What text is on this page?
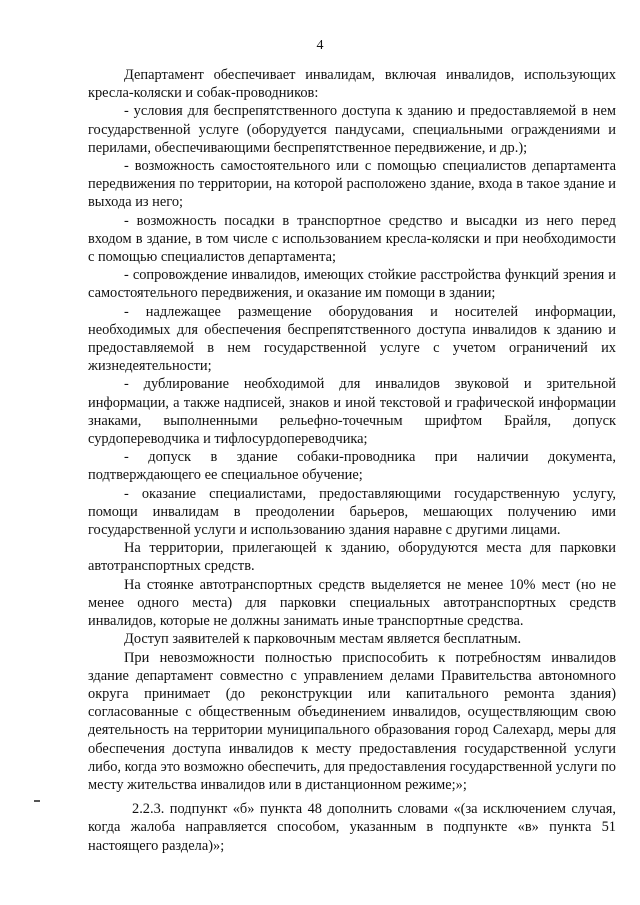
4

Департамент обеспечивает инвалидам, включая инвалидов, использующих кресла-коляски и собак-проводников:

- условия для беспрепятственного доступа к зданию и предоставляемой в нем государственной услуге (оборудуется пандусами, специальными ограждениями и перилами, обеспечивающими беспрепятственное передвижение, и др.);

- возможность самостоятельного или с помощью специалистов департамента передвижения по территории, на которой расположено здание, входа в такое здание и выхода из него;

- возможность посадки в транспортное средство и высадки из него перед входом в здание, в том числе с использованием кресла-коляски и при необходимости с помощью специалистов департамента;

- сопровождение инвалидов, имеющих стойкие расстройства функций зрения и самостоятельного передвижения, и оказание им помощи в здании;

- надлежащее размещение оборудования и носителей информации, необходимых для обеспечения беспрепятственного доступа инвалидов к зданию и предоставляемой в нем государственной услуге с учетом ограничений их жизнедеятельности;

- дублирование необходимой для инвалидов звуковой и зрительной информации, а также надписей, знаков и иной текстовой и графической информации знаками, выполненными рельефно-точечным шрифтом Брайля, допуск сурдопереводчика и тифлосурдопереводчика;

- допуск в здание собаки-проводника при наличии документа, подтверждающего ее специальное обучение;

- оказание специалистами, предоставляющими государственную услугу, помощи инвалидам в преодолении барьеров, мешающих получению ими государственной услуги и использованию здания наравне с другими лицами.

На территории, прилегающей к зданию, оборудуются места для парковки автотранспортных средств.

На стоянке автотранспортных средств выделяется не менее 10% мест (но не менее одного места) для парковки специальных автотранспортных средств инвалидов, которые не должны занимать иные транспортные средства.

Доступ заявителей к парковочным местам является бесплатным.

При невозможности полностью приспособить к потребностям инвалидов здание департамент совместно с управлением делами Правительства автономного округа принимает (до реконструкции или капитального ремонта здания) согласованные с общественным объединением инвалидов, осуществляющим свою деятельность на территории муниципального образования город Салехард, меры для обеспечения доступа инвалидов к месту предоставления государственной услуги либо, когда это возможно обеспечить, для предоставления государственной услуги по месту жительства инвалидов или в дистанционном режиме;»;

2.2.3. подпункт «б» пункта 48 дополнить словами «(за исключением случая, когда жалоба направляется способом, указанным в подпункте «в» пункта 51 настоящего раздела)»;
